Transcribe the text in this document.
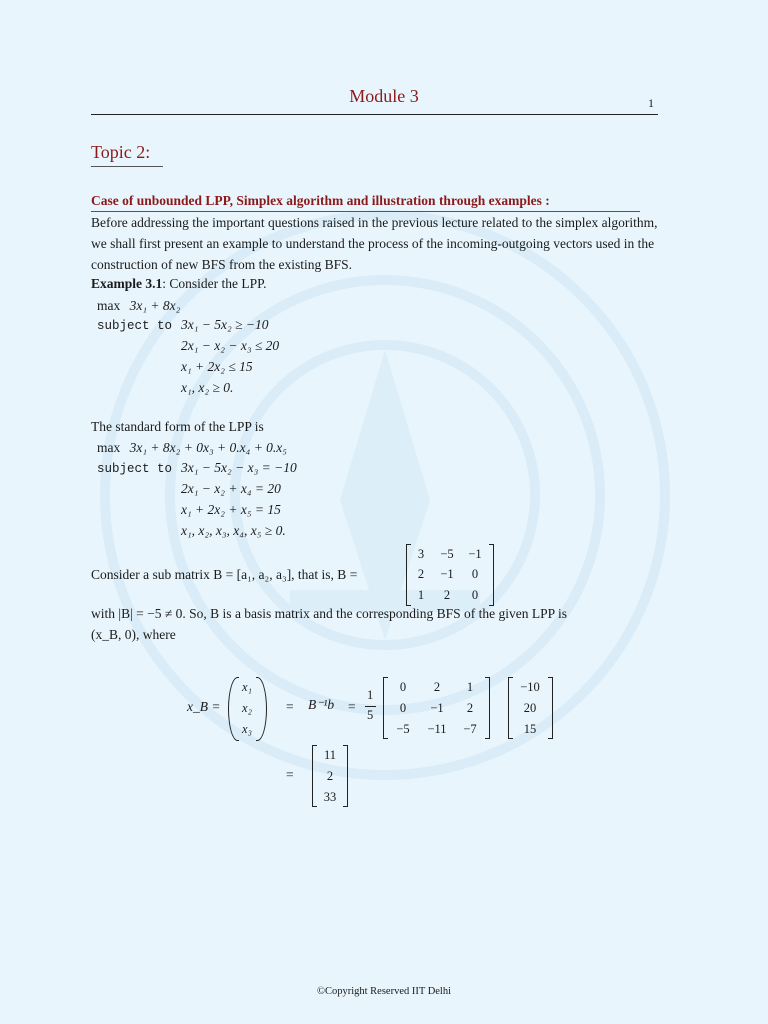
Module 3	1
Topic 2:
Case of unbounded LPP, Simplex algorithm and illustration through examples :
Before addressing the important questions raised in the previous lecture related to the simplex algorithm, we shall first present an example to understand the process of the incoming-outgoing vectors used in the construction of new BFS from the existing BFS.
Example 3.1: Consider the LPP.
max 3x₁ + 8x₂
subject to 3x₁ − 5x₂ ≥ −10
2x₁ − x₂ − x₃ ≤ 20
x₁ + 2x₂ ≤ 15
x₁, x₂ ≥ 0.
The standard form of the LPP is
max 3x₁ + 8x₂ + 0x₃ + 0.x₄ + 0.x₅
subject to 3x₁ − 5x₂ − x₃ = −10
2x₁ − x₂ + x₄ = 20
x₁ + 2x₂ + x₅ = 15
x₁, x₂, x₃, x₄, x₅ ≥ 0.
Consider a sub matrix B = [a₁, a₂, a₃], that is, B =
3	−5	−1
2	−1	0
1	2	0
with |B| = −5 ≠ 0. So, B is a basis matrix and the corresponding BFS of the given LPP is
(x_B, 0), where
x_B =
x₁
x₂
x₃
= B⁻¹b =
1
5
0	2	1
0	−1	2
−5	−11	−7
−10
20
15
=
11
2
33
©Copyright Reserved IIT Delhi
